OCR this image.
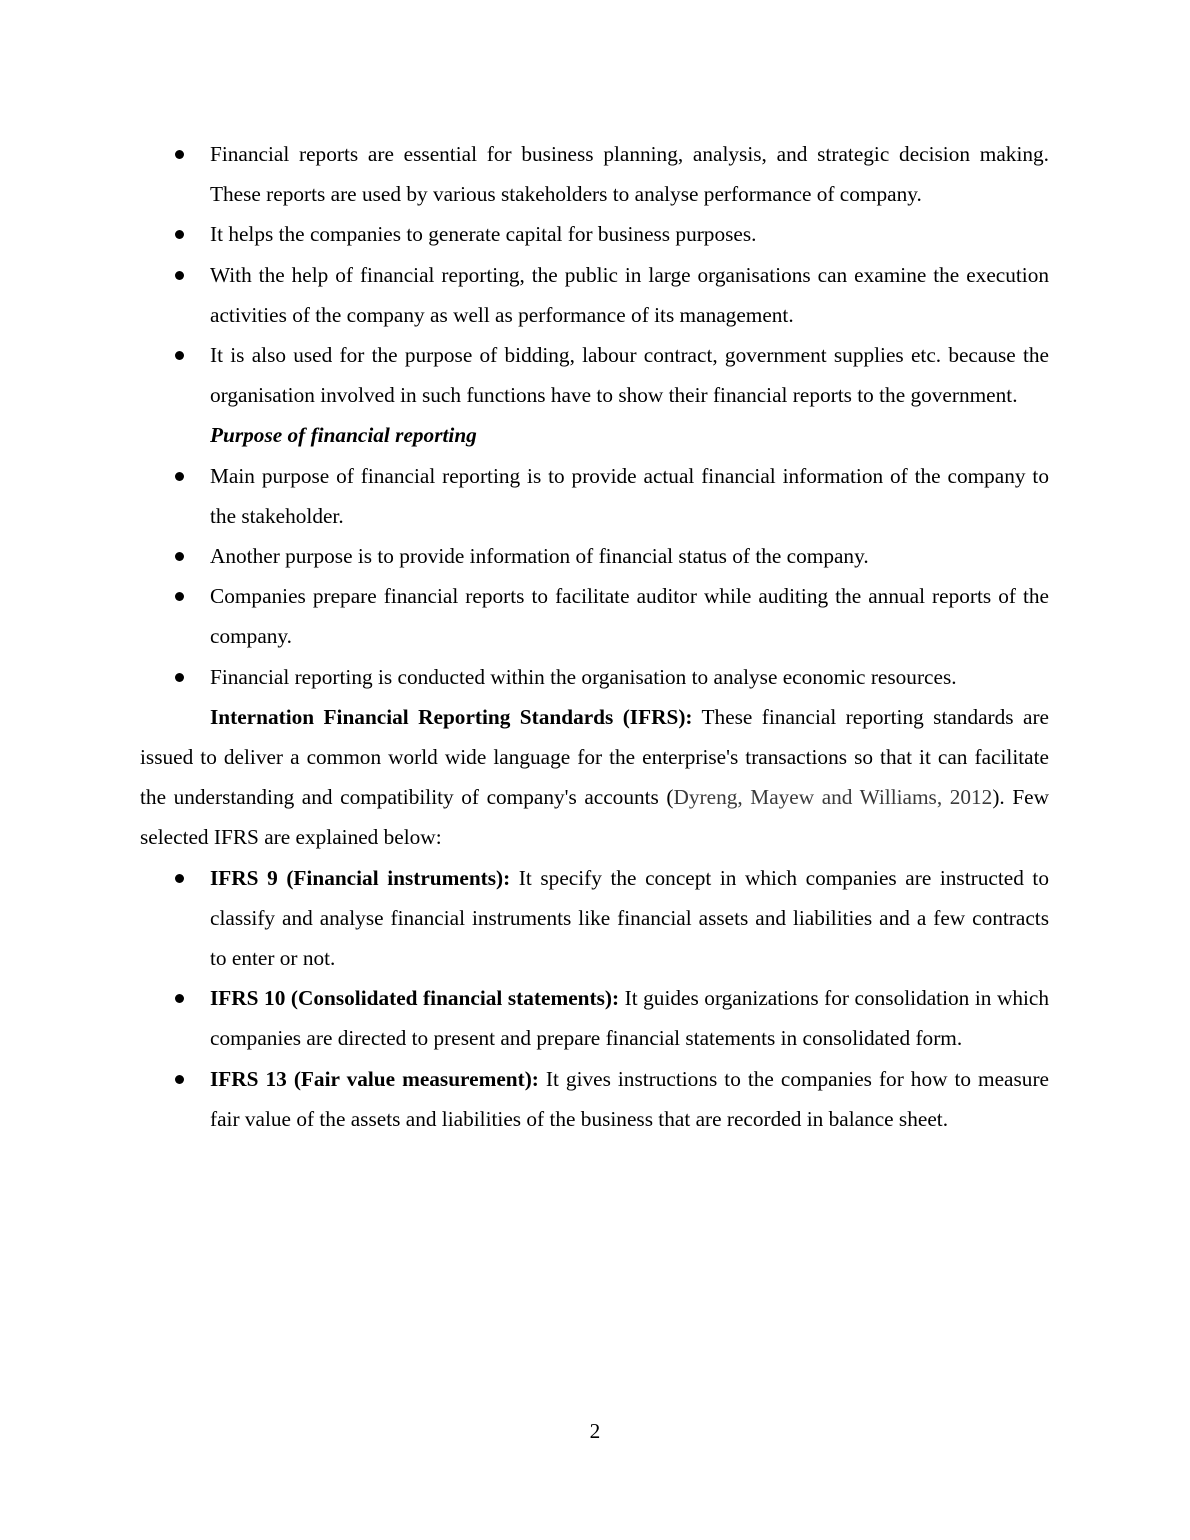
Financial reports are essential for business planning, analysis, and strategic decision making. These reports are used by various stakeholders to analyse performance of company.
It helps the companies to generate capital for business purposes.
With the help of financial reporting, the public in large organisations can examine the execution activities of the company as well as performance of its management.
It is also used for the purpose of bidding, labour contract, government supplies etc. because the organisation involved in such functions have to show their financial reports to the government.
Purpose of financial reporting
Main purpose of financial reporting is to provide actual financial information of the company to the stakeholder.
Another purpose is to provide information of financial status of the company.
Companies prepare financial reports to facilitate auditor while auditing the annual reports of the company.
Financial reporting is conducted within the organisation to analyse economic resources.

Internation Financial Reporting Standards (IFRS): These financial reporting standards are issued to deliver a common world wide language for the enterprise's transactions so that it can facilitate the understanding and compatibility of company's accounts (Dyreng, Mayew and Williams, 2012). Few selected IFRS are explained below:

IFRS 9 (Financial instruments): It specify the concept in which companies are instructed to classify and analyse financial instruments like financial assets and liabilities and a few contracts to enter or not.
IFRS 10 (Consolidated financial statements): It guides organizations for consolidation in which companies are directed to present and prepare financial statements in consolidated form.
IFRS 13 (Fair value measurement): It gives instructions to the companies for how to measure fair value of the assets and liabilities of the business that are recorded in balance sheet.
2
